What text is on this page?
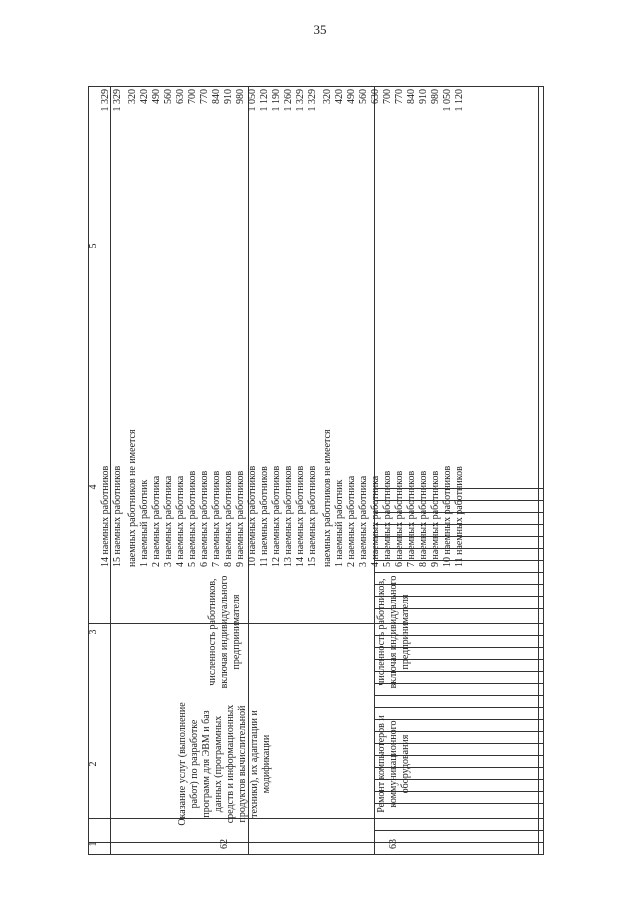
35
1
2
3
4
5
14 наемных работников
1 329
15 наемных работников
1 329
наемных работников не имеется
320
1 наемный работник
420
2 наемных работника
490
3 наемных работника
560
4 наемных работника
630
5 наемных работников
700
6 наемных работников
770
7 наемных работников
840
8 наемных работников
910
9 наемных работников
980
10 наемных работников
1 050
11 наемных работников
1 120
12 наемных работников
1 190
13 наемных работников
1 260
14 наемных работников
1 329
15 наемных работников
1 329
62
Оказание услуг (выполнение работ) по разработке программ для ЭВМ и баз данных (программных средств и информационных продуктов вычислительной техники), их адаптации и модификации
численность работников, включая индивидуального предпринимателя
наемных работников не имеется
320
1 наемный работник
420
2 наемных работника
490
3 наемных работника
560
4 наемных работника
630
5 наемных работников
700
6 наемных работников
770
7 наемных работников
840
8 наемных работников
910
9 наемных работников
980
10 наемных работников
1 050
11 наемных работников
1 120
63
Ремонт компьютеров и коммуникационного оборудования
численность работников, включая индивидуального предпринимателя
